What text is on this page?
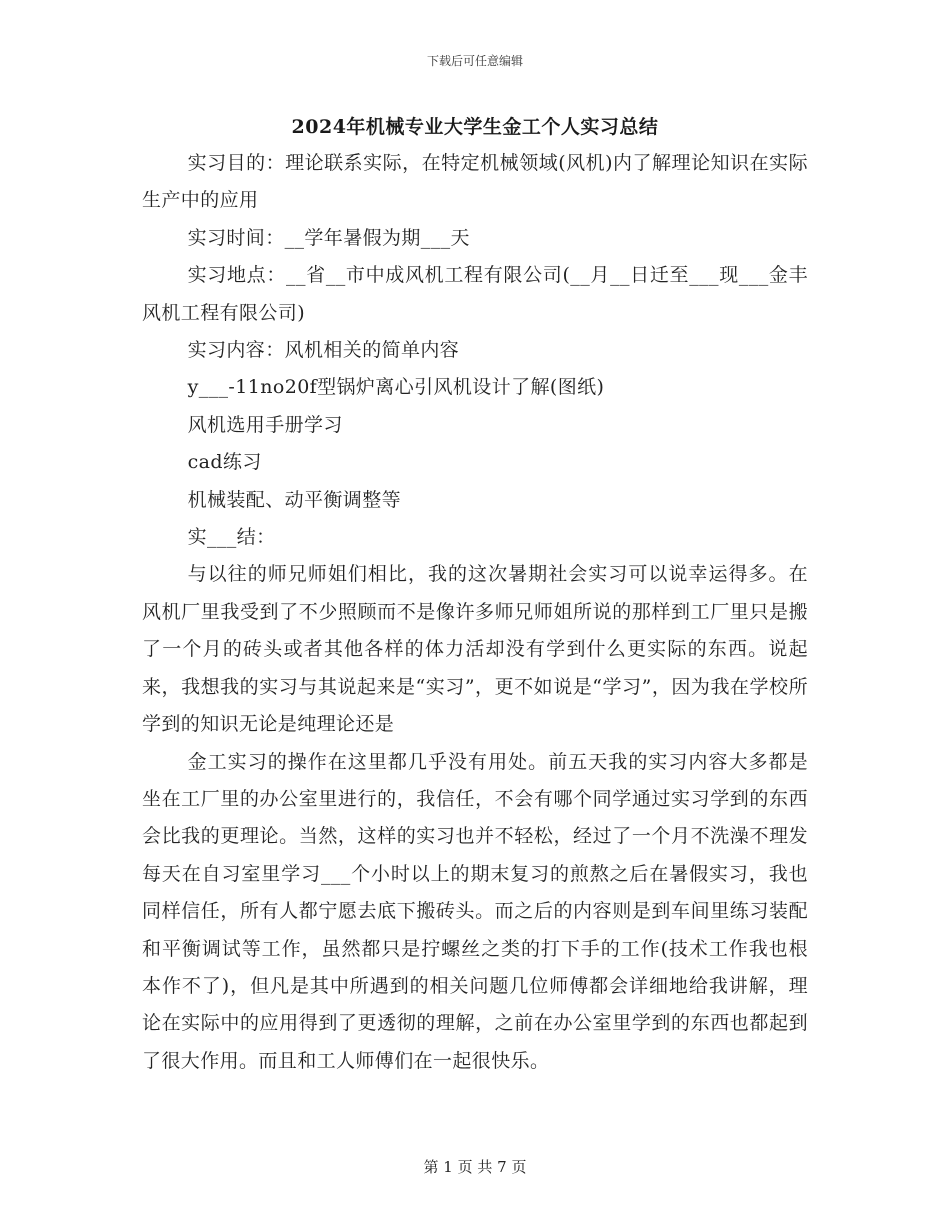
下载后可任意编辑
2024年机械专业大学生金工个人实习总结

实习目的：理论联系实际，在特定机械领域(风机)内了解理论知识在实际生产中的应用

实习时间：__学年暑假为期___天

实习地点：__省__市中成风机工程有限公司(__月__日迁至___现___金丰风机工程有限公司)

实习内容：风机相关的简单内容

y___-11no20f型锅炉离心引风机设计了解(图纸)

风机选用手册学习

cad练习

机械装配、动平衡调整等

实___结：

与以往的师兄师姐们相比，我的这次暑期社会实习可以说幸运得多。在风机厂里我受到了不少照顾而不是像许多师兄师姐所说的那样到工厂里只是搬了一个月的砖头或者其他各样的体力活却没有学到什么更实际的东西。说起来，我想我的实习与其说起来是“实习”，更不如说是“学习”，因为我在学校所学到的知识无论是纯理论还是

金工实习的操作在这里都几乎没有用处。前五天我的实习内容大多都是坐在工厂里的办公室里进行的，我信任，不会有哪个同学通过实习学到的东西会比我的更理论。当然，这样的实习也并不轻松，经过了一个月不洗澡不理发每天在自习室里学习___个小时以上的期末复习的煎熬之后在暑假实习，我也同样信任，所有人都宁愿去底下搬砖头。而之后的内容则是到车间里练习装配和平衡调试等工作，虽然都只是拧螺丝之类的打下手的工作(技术工作我也根本作不了)，但凡是其中所遇到的相关问题几位师傅都会详细地给我讲解，理论在实际中的应用得到了更透彻的理解，之前在办公室里学到的东西也都起到了很大作用。而且和工人师傅们在一起很快乐。

第 1 页 共 7 页
